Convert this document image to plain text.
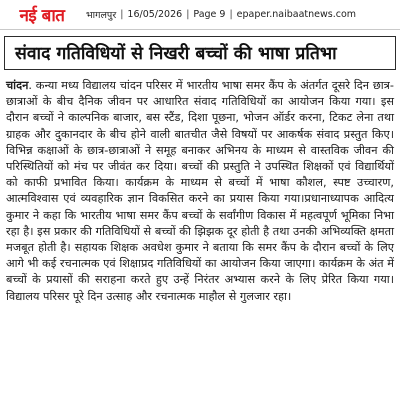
नई बात	भागलपुर | 16/05/2026 | Page 9 | epaper.naibaatnews.com
संवाद गतिविधियों से निखरी बच्चों की भाषा प्रतिभा
चांदन. कन्या मध्य विद्यालय चांदन परिसर में भारतीय भाषा समर कैंप के अंतर्गत दूसरे दिन छात्र-छात्राओं के बीच दैनिक जीवन पर आधारित संवाद गतिविधियों का आयोजन किया गया। इस दौरान बच्चों ने काल्पनिक बाजार, बस स्टैंड, दिशा पूछना, भोजन ऑर्डर करना, टिकट लेना तथा ग्राहक और दुकानदार के बीच होने वाली बातचीत जैसे विषयों पर आकर्षक संवाद प्रस्तुत किए। विभिन्न कक्षाओं के छात्र-छात्राओं ने समूह बनाकर अभिनय के माध्यम से वास्तविक जीवन की परिस्थितियों को मंच पर जीवंत कर दिया। बच्चों की प्रस्तुति ने उपस्थित शिक्षकों एवं विद्यार्थियों को काफी प्रभावित किया। कार्यक्रम के माध्यम से बच्चों में भाषा कौशल, स्पष्ट उच्चारण, आत्मविश्वास एवं व्यवहारिक ज्ञान विकसित करने का प्रयास किया गया।प्रधानाध्यापक आदित्य कुमार ने कहा कि भारतीय भाषा समर कैंप बच्चों के सर्वांगीण विकास में महत्वपूर्ण भूमिका निभा रहा है। इस प्रकार की गतिविधियों से बच्चों की झिझक दूर होती है तथा उनकी अभिव्यक्ति क्षमता मजबूत होती है। सहायक शिक्षक अवधेश कुमार ने बताया कि समर कैंप के दौरान बच्चों के लिए आगे भी कई रचनात्मक एवं शिक्षाप्रद गतिविधियों का आयोजन किया जाएगा। कार्यक्रम के अंत में बच्चों के प्रयासों की सराहना करते हुए उन्हें निरंतर अभ्यास करने के लिए प्रेरित किया गया। विद्यालय परिसर पूरे दिन उत्साह और रचनात्मक माहौल से गुलजार रहा।
